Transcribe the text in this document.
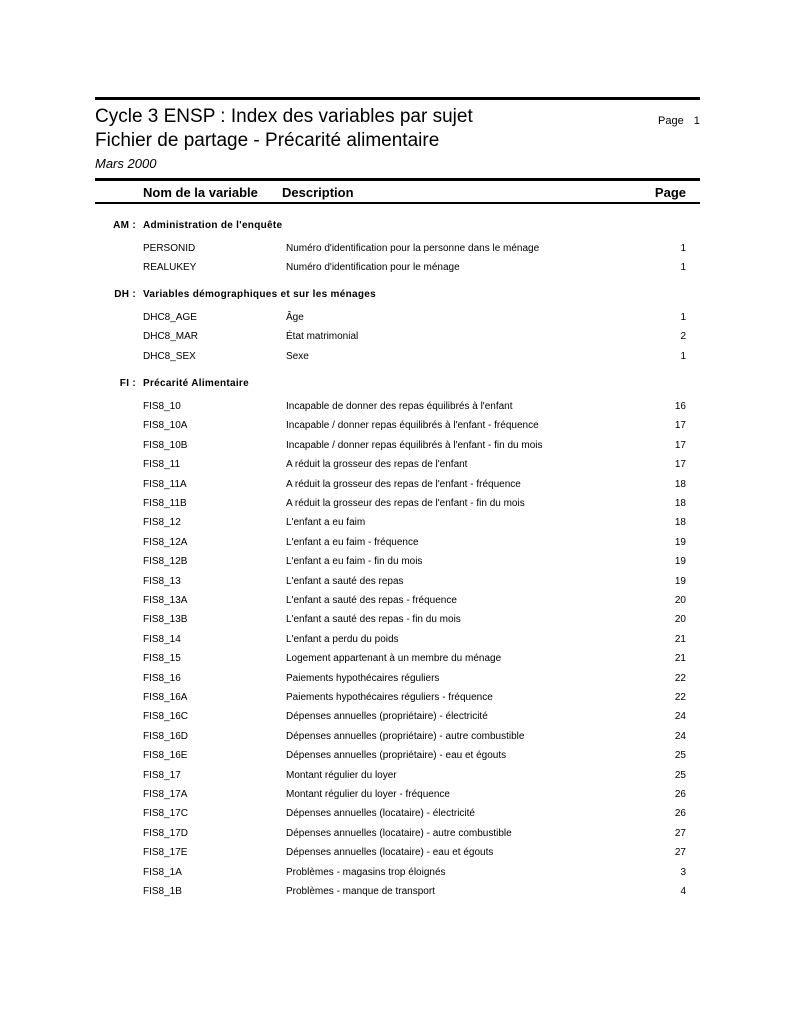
Cycle 3 ENSP : Index des variables par sujet
Fichier de partage - Précarité alimentaire
Mars 2000
Page 1
Nom de la variable Description	Page
AM : Administration de l'enquête
PERSONID	Numéro d'identification pour la personne dans le ménage	1
REALUKEY	Numéro d'identification pour le ménage	1
DH : Variables démographiques et sur les ménages
DHC8_AGE	Âge	1
DHC8_MAR	État matrimonial	2
DHC8_SEX	Sexe	1
FI : Précarité Alimentaire
FIS8_10	Incapable de donner des repas équilibrés à l'enfant	16
FIS8_10A	Incapable / donner repas équilibrés à l'enfant - fréquence	17
FIS8_10B	Incapable / donner repas équilibrés à l'enfant - fin du mois	17
FIS8_11	A réduit la grosseur des repas de l'enfant	17
FIS8_11A	A réduit la grosseur des repas de l'enfant - fréquence	18
FIS8_11B	A réduit la grosseur des repas de l'enfant - fin du mois	18
FIS8_12	L'enfant a eu faim	18
FIS8_12A	L'enfant a eu faim - fréquence	19
FIS8_12B	L'enfant a eu faim - fin du mois	19
FIS8_13	L'enfant a sauté des repas	19
FIS8_13A	L'enfant a sauté des repas - fréquence	20
FIS8_13B	L'enfant a sauté des repas - fin du mois	20
FIS8_14	L'enfant a perdu du poids	21
FIS8_15	Logement appartenant à un membre du ménage	21
FIS8_16	Paiements hypothécaires réguliers	22
FIS8_16A	Paiements hypothécaires réguliers - fréquence	22
FIS8_16C	Dépenses annuelles (propriétaire) - électricité	24
FIS8_16D	Dépenses annuelles (propriétaire) - autre combustible	24
FIS8_16E	Dépenses annuelles (propriétaire) - eau et égouts	25
FIS8_17	Montant régulier du loyer	25
FIS8_17A	Montant régulier du loyer - fréquence	26
FIS8_17C	Dépenses annuelles (locataire) - électricité	26
FIS8_17D	Dépenses annuelles (locataire) - autre combustible	27
FIS8_17E	Dépenses annuelles (locataire) - eau et égouts	27
FIS8_1A	Problèmes - magasins trop éloignés	3
FIS8_1B	Problèmes - manque de transport	4
